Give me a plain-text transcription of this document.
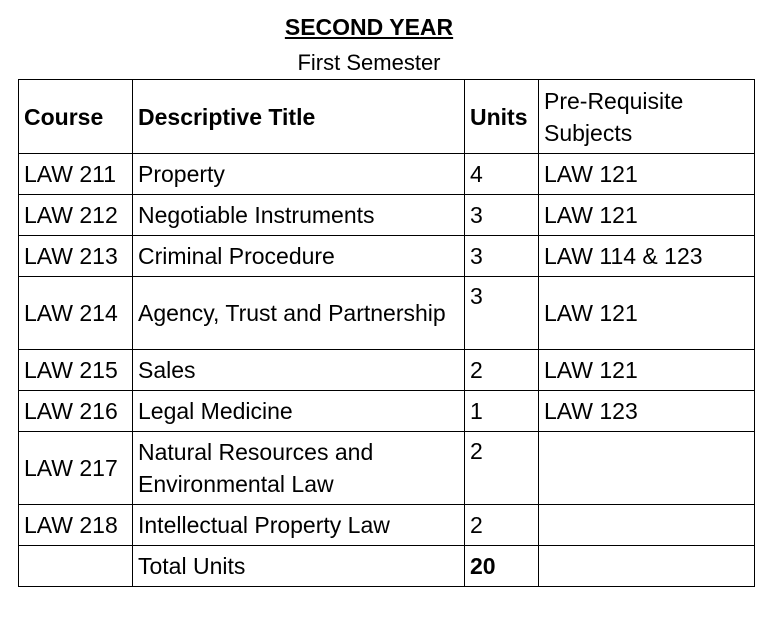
SECOND YEAR
First Semester
Course	Descriptive Title	Units	Pre-Requisite Subjects
LAW 211	Property	4	LAW 121
LAW 212	Negotiable Instruments	3	LAW 121
LAW 213	Criminal Procedure	3	LAW 114 & 123
LAW 214	Agency, Trust and Partnership	3	LAW 121
LAW 215	Sales	2	LAW 121
LAW 216	Legal Medicine	1	LAW 123
LAW 217	Natural Resources and Environmental Law	2	
LAW 218	Intellectual Property Law	2	
	Total Units	20	
